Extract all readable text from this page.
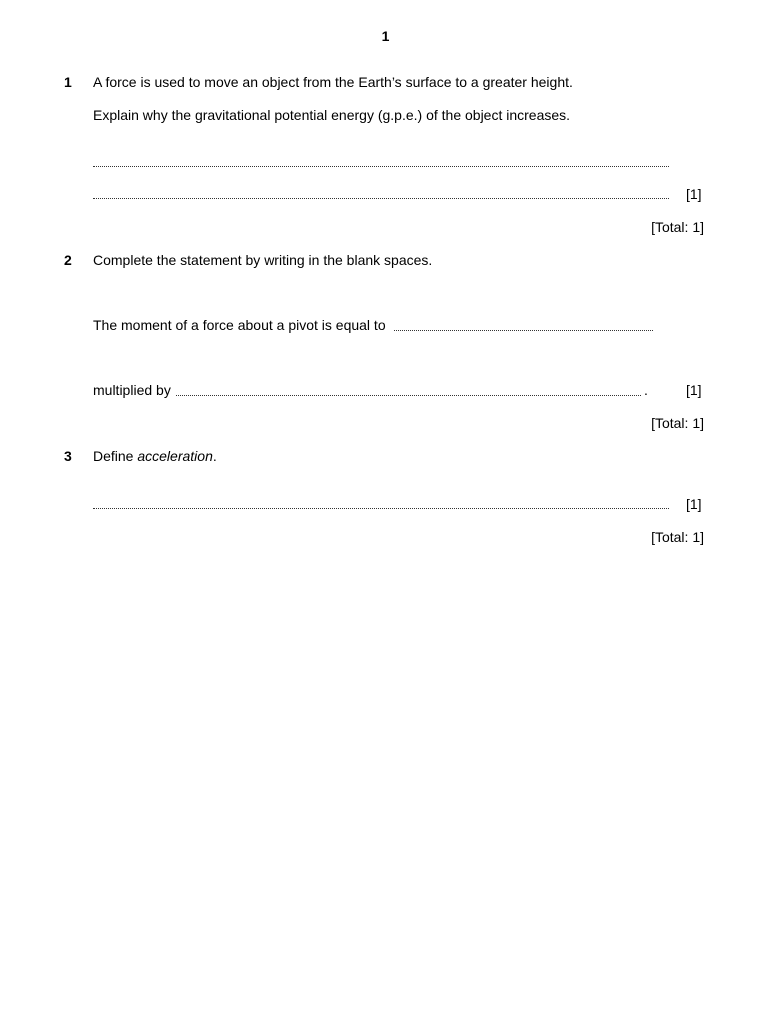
1
1 A force is used to move an object from the Earth’s surface to a greater height.
Explain why the gravitational potential energy (g.p.e.) of the object increases.
[1]
[Total: 1]
2 Complete the statement by writing in the blank spaces.
The moment of a force about a pivot is equal to
multiplied by	.	[1]
[Total: 1]
3 Define acceleration.
[1]
[Total: 1]
